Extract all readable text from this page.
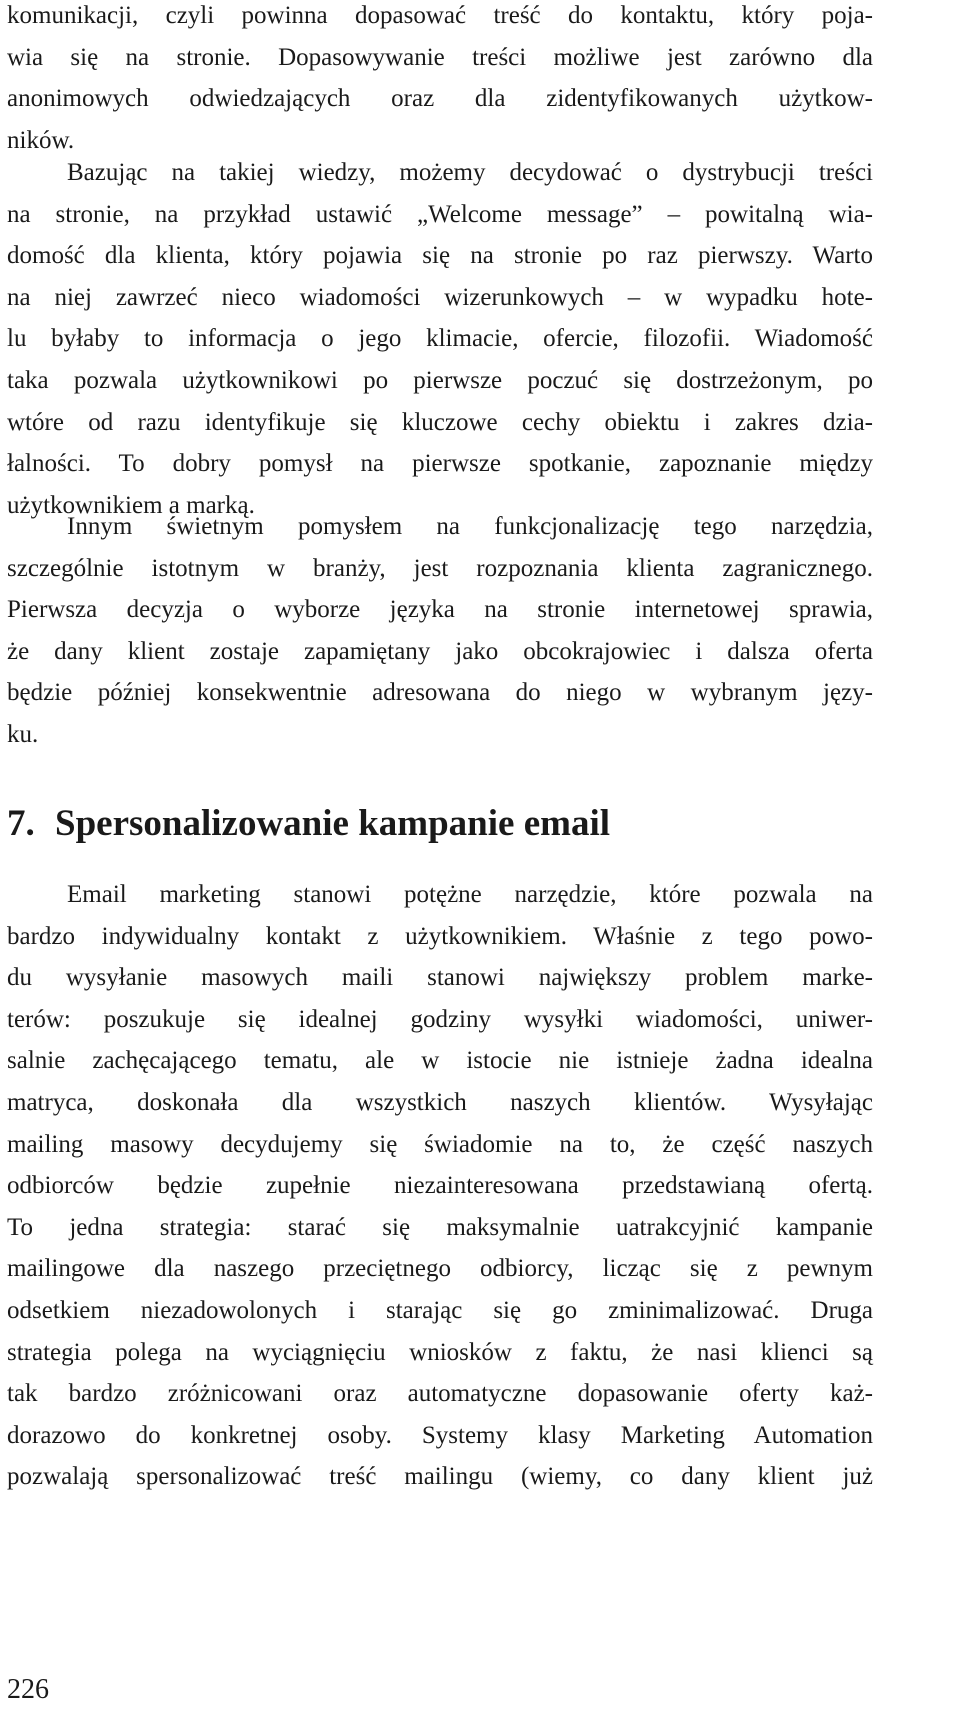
komunikacji, czyli powinna dopasować treść do kontaktu, który poja-
wia się na stronie. Dopasowywanie treści możliwe jest zarówno dla
anonimowych odwiedzających oraz dla zidentyfikowanych użytkow-
ników.
Bazując na takiej wiedzy, możemy decydować o dystrybucji treści
na stronie, na przykład ustawić „Welcome message” – powitalną wia-
domość dla klienta, który pojawia się na stronie po raz pierwszy. Warto
na niej zawrzeć nieco wiadomości wizerunkowych – w wypadku hote-
lu byłaby to informacja o jego klimacie, ofercie, filozofii. Wiadomość
taka pozwala użytkownikowi po pierwsze poczuć się dostrzeżonym, po
wtóre od razu identyfikuje się kluczowe cechy obiektu i zakres dzia-
łalności. To dobry pomysł na pierwsze spotkanie, zapoznanie między
użytkownikiem a marką.
Innym świetnym pomysłem na funkcjonalizację tego narzędzia,
szczególnie istotnym w branży, jest rozpoznania klienta zagranicznego.
Pierwsza decyzja o wyborze języka na stronie internetowej sprawia,
że dany klient zostaje zapamiętany jako obcokrajowiec i dalsza oferta
będzie później konsekwentnie adresowana do niego w wybranym języ-
ku.
7. Spersonalizowanie kampanie email
Email marketing stanowi potężne narzędzie, które pozwala na
bardzo indywidualny kontakt z użytkownikiem. Właśnie z tego powo-
du wysyłanie masowych maili stanowi największy problem marke-
terów: poszukuje się idealnej godziny wysyłki wiadomości, uniwer-
salnie zachęcającego tematu, ale w istocie nie istnieje żadna idealna
matryca, doskonała dla wszystkich naszych klientów. Wysyłając
mailing masowy decydujemy się świadomie na to, że część naszych
odbiorców będzie zupełnie niezainteresowana przedstawianą ofertą.
To jedna strategia: starać się maksymalnie uatrakcyjnić kampanie
mailingowe dla naszego przeciętnego odbiorcy, licząc się z pewnym
odsetkiem niezadowolonych i starając się go zminimalizować. Druga
strategia polega na wyciągnięciu wniosków z faktu, że nasi klienci są
tak bardzo zróżnicowani oraz automatyczne dopasowanie oferty każ-
dorazowo do konkretnej osoby. Systemy klasy Marketing Automation
pozwalają spersonalizować treść mailingu (wiemy, co dany klient już
226
